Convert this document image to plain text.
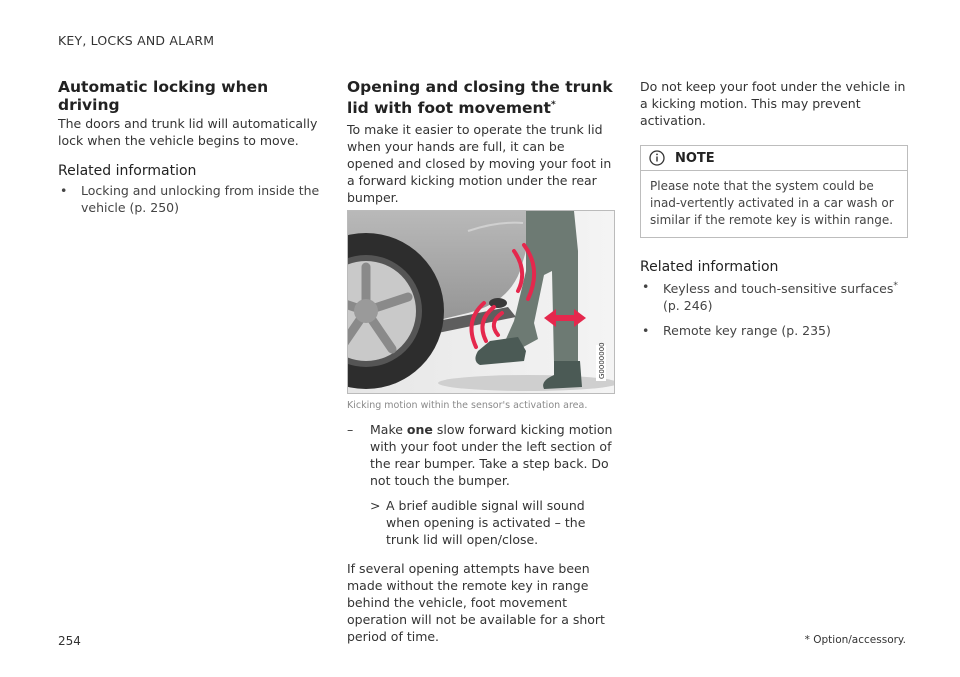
KEY, LOCKS AND ALARM
Automatic locking when driving

The doors and trunk lid will automatically lock when the vehicle begins to move.

Related information
• Locking and unlocking from inside the vehicle (p. 250)
Opening and closing the trunk lid with foot movement*

To make it easier to operate the trunk lid when your hands are full, it can be opened and closed by moving your foot in a forward kicking motion under the rear bumper.

G0000000
Kicking motion within the sensor's activation area.
– Make one slow forward kicking motion with your foot under the left section of the rear bumper. Take a step back. Do not touch the bumper.
> A brief audible signal will sound when opening is activated – the trunk lid will open/close.

If several opening attempts have been made without the remote key in range behind the vehicle, foot movement operation will not be available for a short period of time.

Do not keep your foot under the vehicle in a kicking motion. This may prevent activation.

NOTE
Please note that the system could be inad-vertently activated in a car wash or similar if the remote key is within range.
Related information
• Keyless and touch-sensitive surfaces*
(p. 246)
• Remote key range (p. 235)
254	* Option/accessory.
